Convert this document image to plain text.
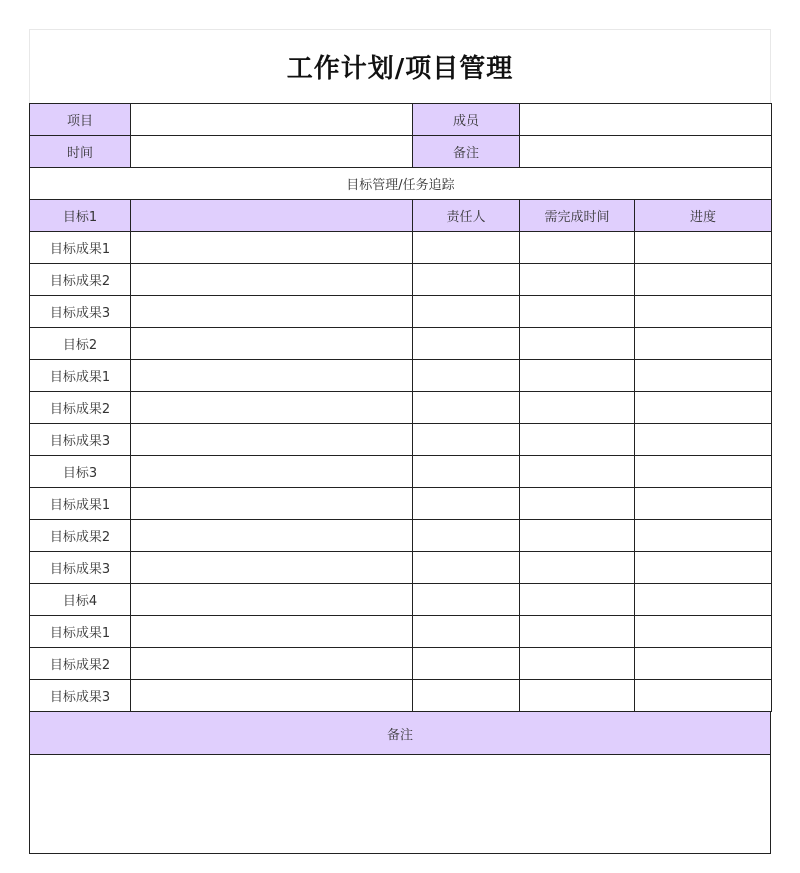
工作计划/项目管理
项目		成员		
时间		备注		
目标管理/任务追踪				
目标1		责任人	需完成时间	进度
目标成果1				
目标成果2				
目标成果3				
目标2				
目标成果1				
目标成果2				
目标成果3				
目标3				
目标成果1				
目标成果2				
目标成果3				
目标4				
目标成果1				
目标成果2				
目标成果3				
备注
